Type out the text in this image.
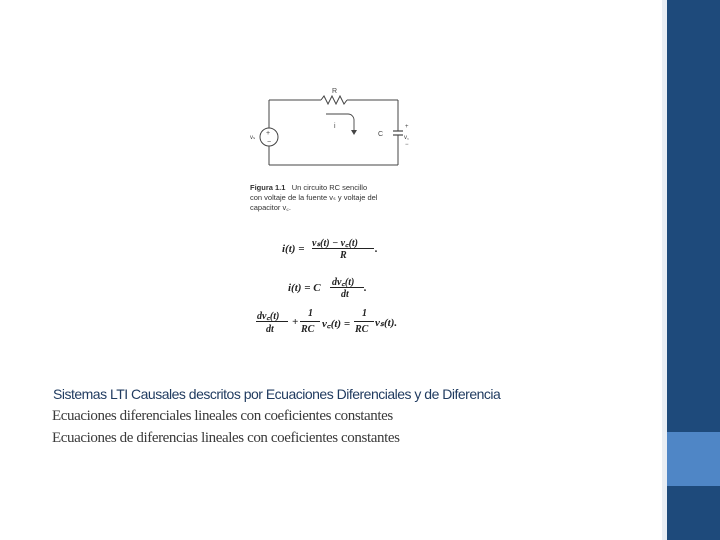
+
−
R
i
C
vₛ	v꜀
+
−
Figura 1.1 Un circuito RC sencillo
con voltaje de la fuente vₛ y voltaje del
capacitor v꜀.
i(t) = vₛ(t) − v꜀(t)
R
.
i(t) = C dv꜀(t)
dt
.
dv꜀(t)
dt
+
1
RC v꜀(t) =
1
RC
vₛ(t).
Sistemas LTI Causales descritos por Ecuaciones Diferenciales y de Diferencia
Ecuaciones diferenciales lineales con coeficientes constantes
Ecuaciones de diferencias lineales con coeficientes constantes
